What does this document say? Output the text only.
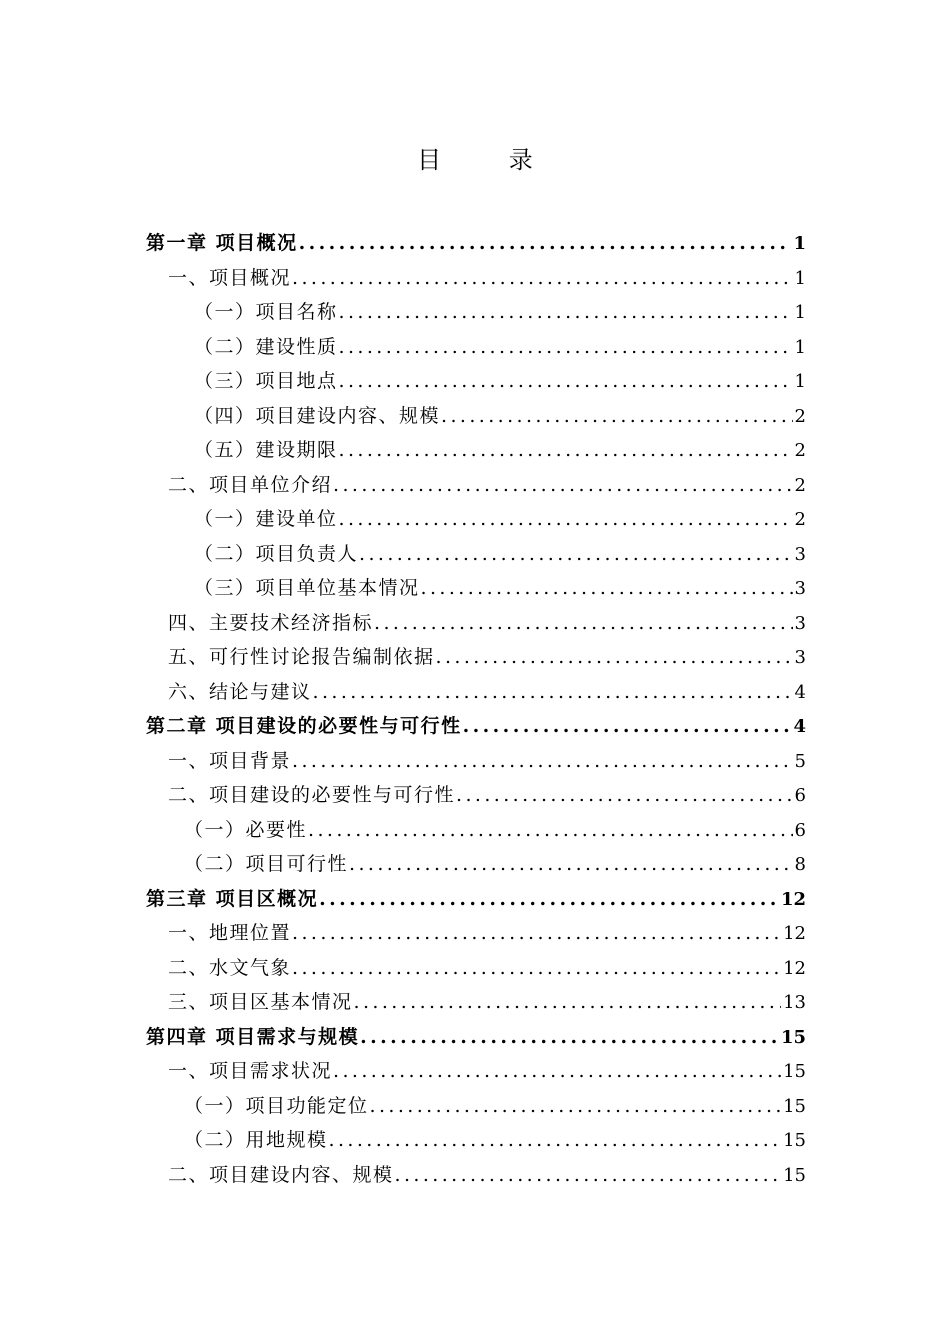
目 录
第一章 项目概况 .....	1
一、项目概况 .....	1
（一）项目名称 .....	1
（二）建设性质 .....	1
（三）项目地点 .....	1
（四）项目建设内容、规模 .....	2
（五）建设期限 .....	2
二、项目单位介绍 .....	2
（一）建设单位 .....	2
（二）项目负责人 .....	3
（三）项目单位基本情况 .....	3
四、主要技术经济指标 .....	3
五、可行性讨论报告编制依据 .....	3
六、结论与建议 .....	4
第二章 项目建设的必要性与可行性 .....	4
一、项目背景 .....	5
二、项目建设的必要性与可行性 .....	6
（一）必要性 .....	6
（二）项目可行性 .....	8
第三章 项目区概况 .....	12
一、地理位置 .....	12
二、水文气象 .....	12
三、项目区基本情况 .....	13
第四章 项目需求与规模 .....	15
一、项目需求状况 .....	15
（一）项目功能定位 .....	15
（二）用地规模 .....	15
二、项目建设内容、规模 .....	15
